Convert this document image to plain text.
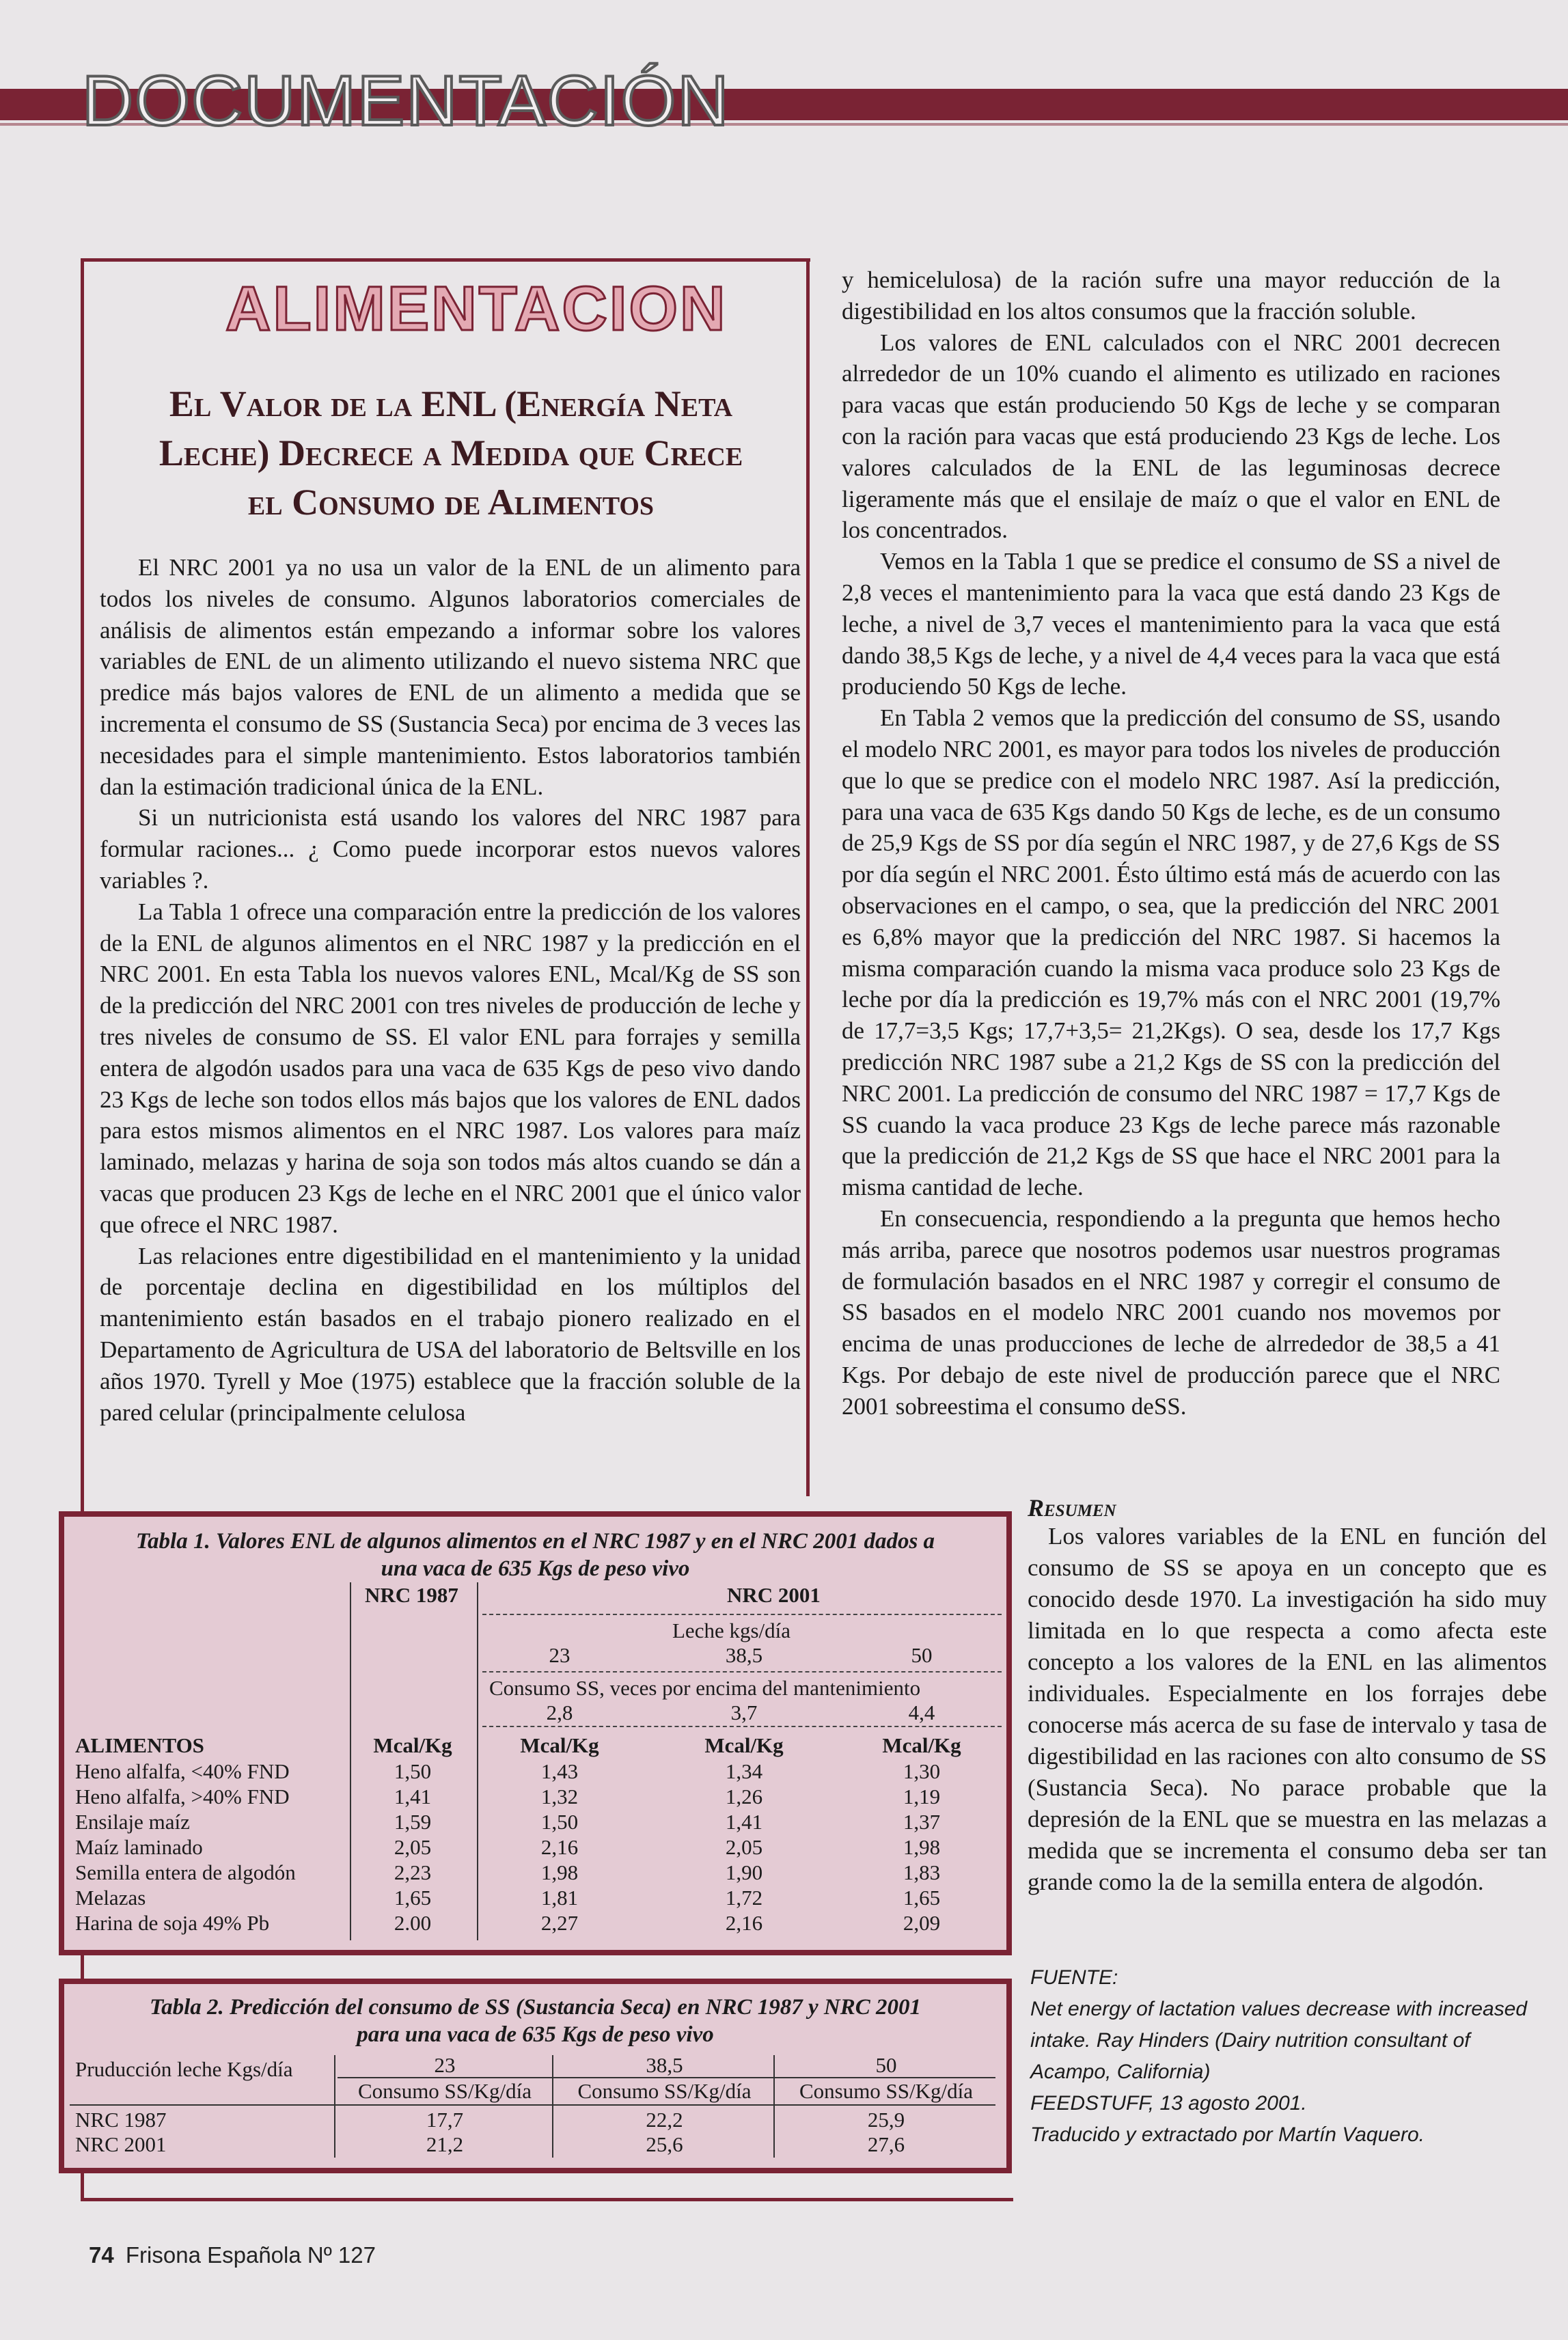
DOCUMENTACIÓN
ALIMENTACION
El Valor de la ENL (Energía Neta
Leche) Decrece a Medida que Crece
el Consumo de Alimentos

El NRC 2001 ya no usa un valor de la ENL de un alimento para todos los niveles de consumo. Algunos laboratorios comerciales de análisis de alimentos están empezando a informar sobre los valores variables de ENL de un alimento utilizando el nuevo sistema NRC que predice más bajos valores de ENL de un alimento a medida que se incrementa el consumo de SS (Sustancia Seca) por encima de 3 veces las necesidades para el simple mantenimiento. Estos laboratorios también dan la estimación tradicional única de la ENL.

Si un nutricionista está usando los valores del NRC 1987 para formular raciones... ¿ Como puede incorporar estos nuevos valores variables ?.

La Tabla 1 ofrece una comparación entre la predicción de los valores de la ENL de algunos alimentos en el NRC 1987 y la predicción en el NRC 2001. En esta Tabla los nuevos valores ENL, Mcal/Kg de SS son de la predicción del NRC 2001 con tres niveles de producción de leche y tres niveles de consumo de SS. El valor ENL para forrajes y semilla entera de algodón usados para una vaca de 635 Kgs de peso vivo dando 23 Kgs de leche son todos ellos más bajos que los valores de ENL dados para estos mismos alimentos en el NRC 1987. Los valores para maíz laminado, melazas y harina de soja son todos más altos cuando se dán a vacas que producen 23 Kgs de leche en el NRC 2001 que el único valor que ofrece el NRC 1987.

Las relaciones entre digestibilidad en el mantenimiento y la unidad de porcentaje declina en digestibilidad en los múltiplos del mantenimiento están basados en el trabajo pionero realizado en el Departamento de Agricultura de USA del laboratorio de Beltsville en los años 1970. Tyrell y Moe (1975) establece que la fracción soluble de la pared celular (principalmente celulosa

y hemicelulosa) de la ración sufre una mayor reducción de la digestibilidad en los altos consumos que la fracción soluble.

Los valores de ENL calculados con el NRC 2001 decrecen alrrededor de un 10% cuando el alimento es utilizado en raciones para vacas que están produciendo 50 Kgs de leche y se comparan con la ración para vacas que está produciendo 23 Kgs de leche. Los valores calculados de la ENL de las leguminosas decrece ligeramente más que el ensilaje de maíz o que el valor en ENL de los concentrados.

Vemos en la Tabla 1 que se predice el consumo de SS a nivel de 2,8 veces el mantenimiento para la vaca que está dando 23 Kgs de leche, a nivel de 3,7 veces el mantenimiento para la vaca que está dando 38,5 Kgs de leche, y a nivel de 4,4 veces para la vaca que está produciendo 50 Kgs de leche.

En Tabla 2 vemos que la predicción del consumo de SS, usando el modelo NRC 2001, es mayor para todos los niveles de producción que lo que se predice con el modelo NRC 1987. Así la predicción, para una vaca de 635 Kgs dando 50 Kgs de leche, es de un consumo de 25,9 Kgs de SS por día según el NRC 1987, y de 27,6 Kgs de SS por día según el NRC 2001. Ésto último está más de acuerdo con las observaciones en el campo, o sea, que la predicción del NRC 2001 es 6,8% mayor que la predicción del NRC 1987. Si hacemos la misma comparación cuando la misma vaca produce solo 23 Kgs de leche por día la predicción es 19,7% más con el NRC 2001 (19,7% de 17,7=3,5 Kgs; 17,7+3,5= 21,2Kgs). O sea, desde los 17,7 Kgs predicción NRC 1987 sube a 21,2 Kgs de SS con la predicción del NRC 2001. La predicción de consumo del NRC 1987 = 17,7 Kgs de SS cuando la vaca produce 23 Kgs de leche parece más razonable que la predicción de 21,2 Kgs de SS que hace el NRC 2001 para la misma cantidad de leche.

En consecuencia, respondiendo a la pregunta que hemos hecho más arriba, parece que nosotros podemos usar nuestros programas de formulación basados en el NRC 1987 y corregir el consumo de SS basados en el modelo NRC 2001 cuando nos movemos por encima de unas producciones de leche de alrrededor de 38,5 a 41 Kgs. Por debajo de este nivel de producción parece que el NRC 2001 sobreestima el consumo deSS.

Tabla 1. Valores ENL de algunos alimentos en el NRC 1987 y en el NRC 2001 dados a
una vaca de 635 Kgs de peso vivo
NRC 1987	NRC 2001
Leche kgs/día
23	38,5	50
Consumo SS, veces por encima del mantenimiento
2,8	3,7	4,4
ALIMENTOS	Mcal/Kg	Mcal/Kg	Mcal/Kg	Mcal/Kg
Heno alfalfa, <40% FND	1,50	1,43	1,34	1,30
Heno alfalfa, >40% FND	1,41	1,32	1,26	1,19
Ensilaje maíz	1,59	1,50	1,41	1,37
Maíz laminado	2,05	2,16	2,05	1,98
Semilla entera de algodón	2,23	1,98	1,90	1,83
Melazas	1,65	1,81	1,72	1,65
Harina de soja 49% Pb	2.00	2,27	2,16	2,09
Tabla 2. Predicción del consumo de SS (Sustancia Seca) en NRC 1987 y NRC 2001
para una vaca de 635 Kgs de peso vivo
Pruducción leche Kgs/día	23	38,5	50
Consumo SS/Kg/día	Consumo SS/Kg/día	Consumo SS/Kg/día
NRC 1987	17,7	22,2	25,9
NRC 2001	21,2	25,6	27,6
Resumen

Los valores variables de la ENL en función del consumo de SS se apoya en un concepto que es conocido desde 1970. La investigación ha sido muy limitada en lo que respecta a como afecta este concepto a los valores de la ENL en las alimentos individuales. Especialmente en los forrajes debe conocerse más acerca de su fase de intervalo y tasa de digestibilidad en las raciones con alto consumo de SS (Sustancia Seca). No parace probable que la depresión de la ENL que se muestra en las melazas a medida que se incrementa el consumo deba ser tan grande como la de la semilla entera de algodón.

FUENTE:
Net energy of lactation values decrease with increased intake. Ray Hinders (Dairy nutrition consultant of Acampo, California)
FEEDSTUFF, 13 agosto 2001.
Traducido y extractado por Martín Vaquero.
74 Frisona Española Nº 127
